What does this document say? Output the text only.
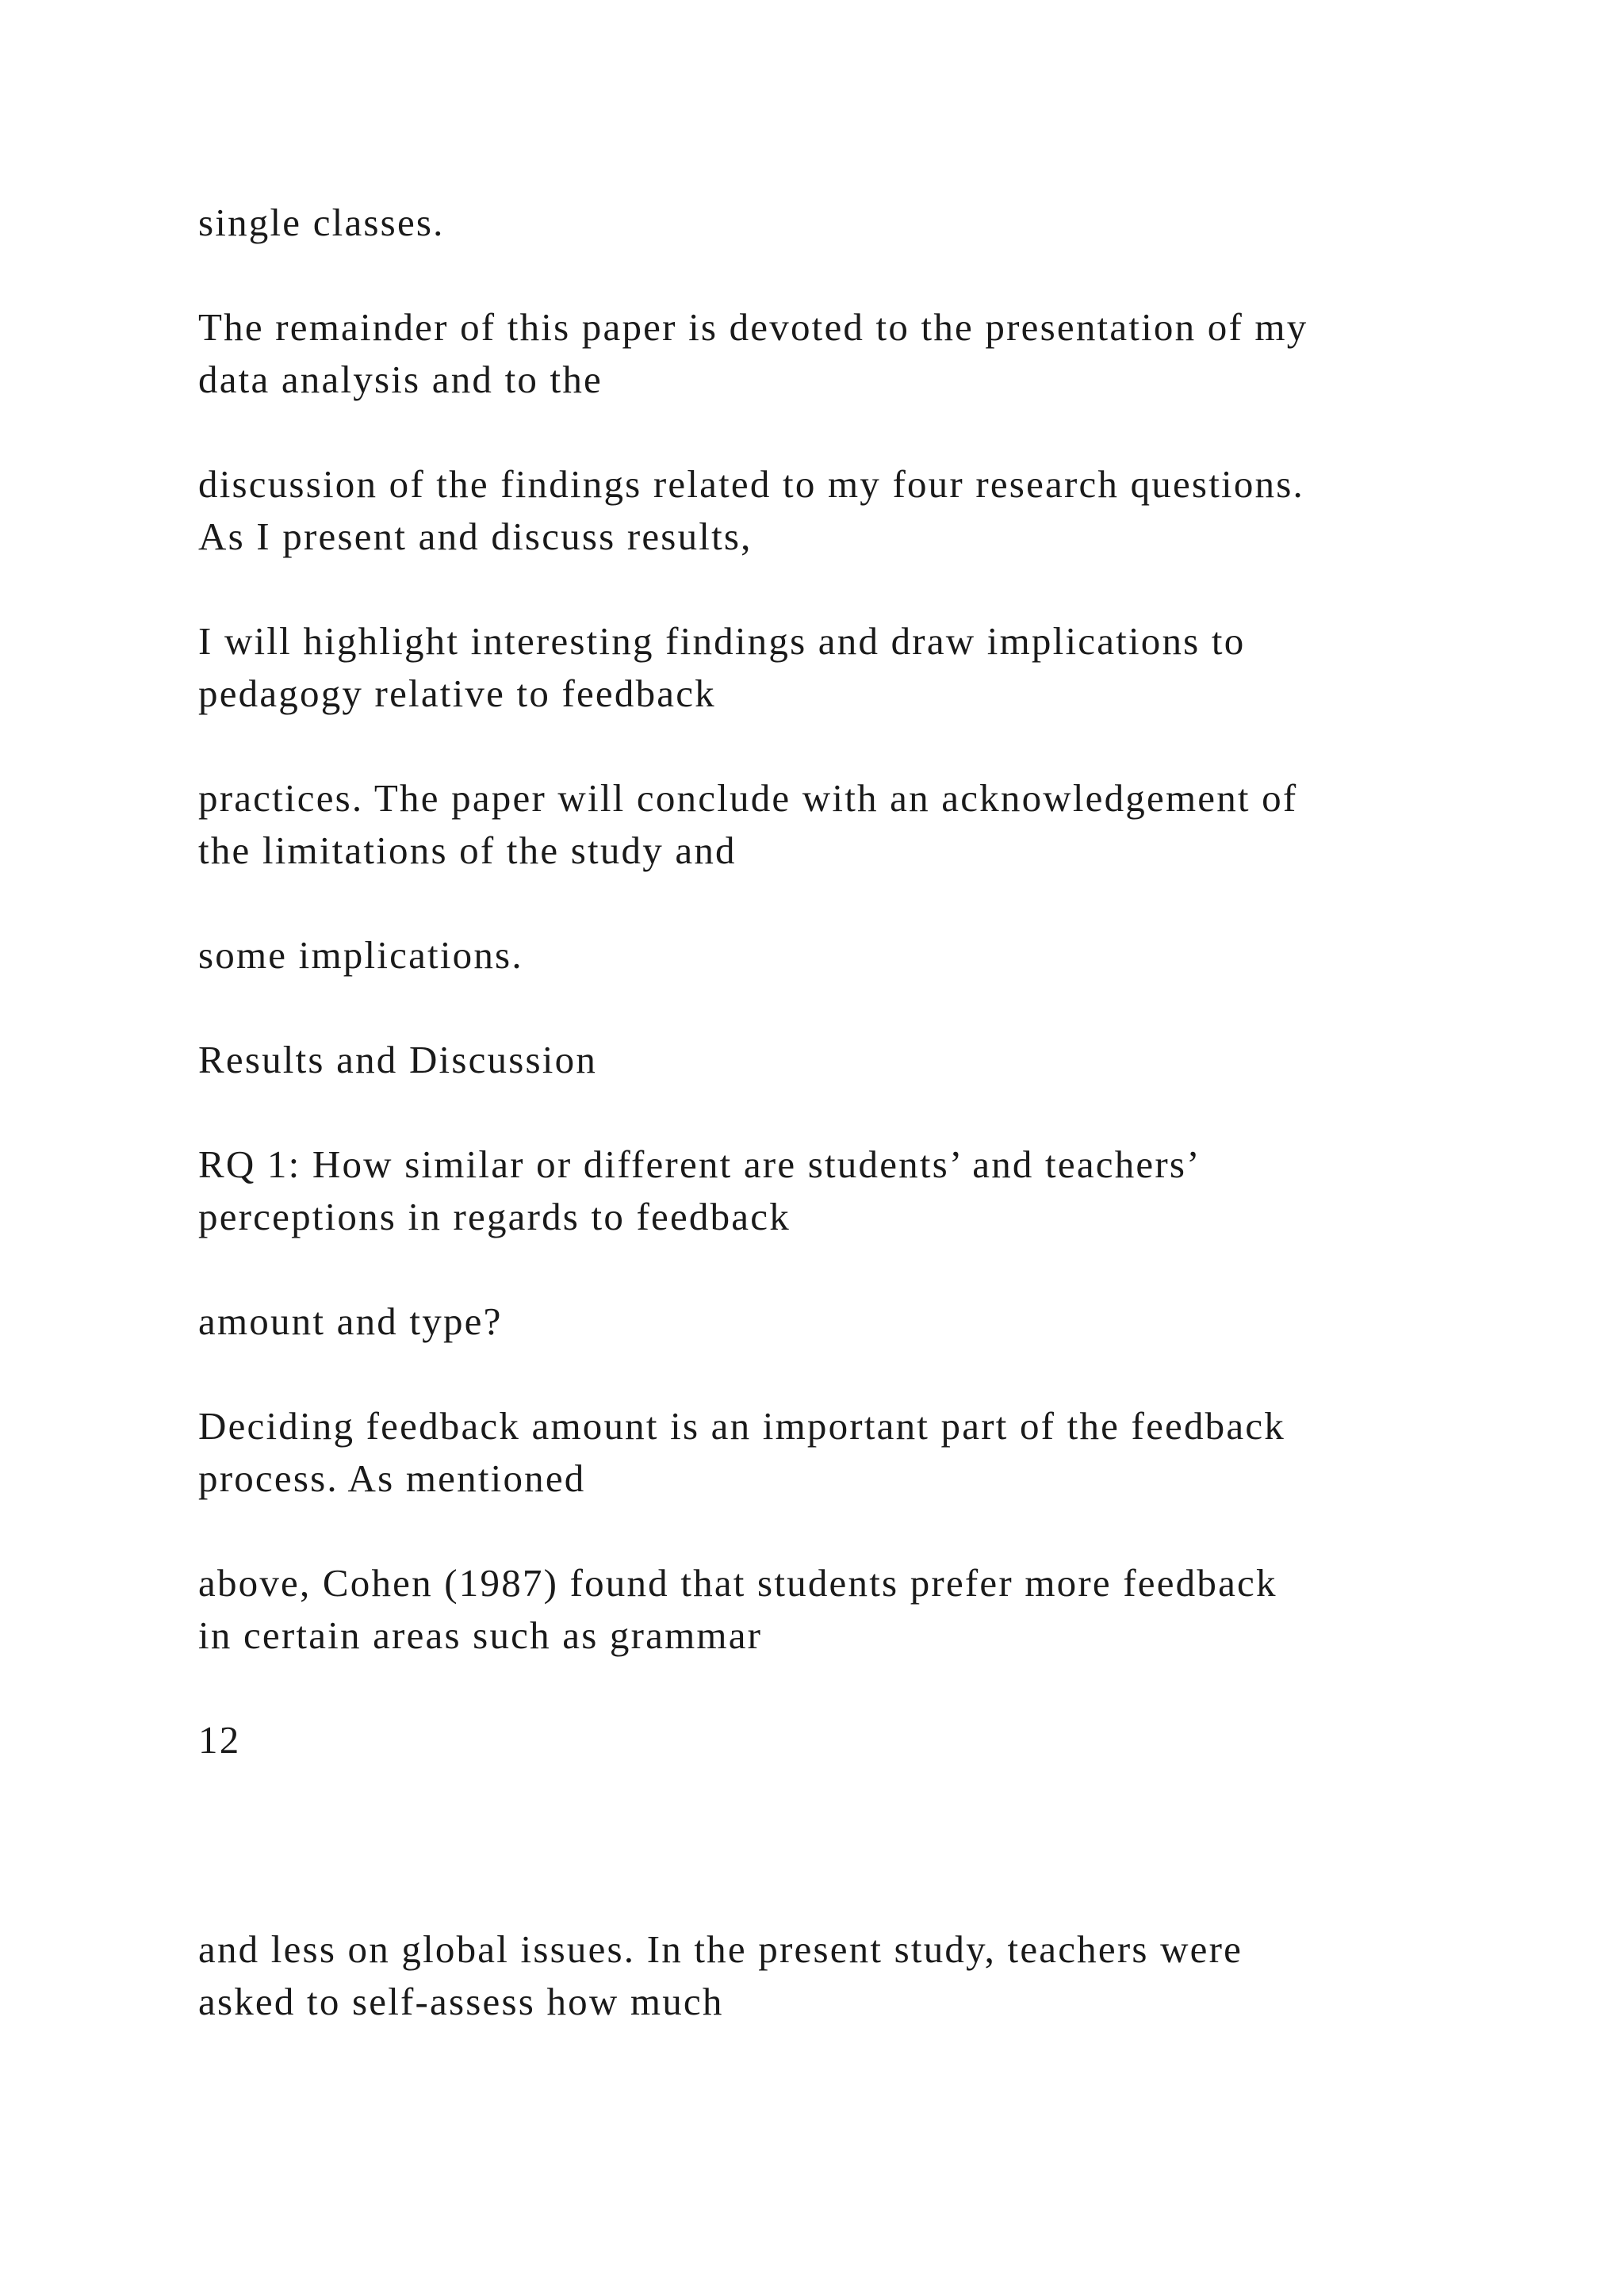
single classes.

The remainder of this paper is devoted to the presentation of my
data analysis and to the

discussion of the findings related to my four research questions.
As I present and discuss results,

I will highlight interesting findings and draw implications to
pedagogy relative to feedback

practices. The paper will conclude with an acknowledgement of
the limitations of the study and

some implications.

Results and Discussion

RQ 1: How similar or different are students’ and teachers’
perceptions in regards to feedback

amount and type?

Deciding feedback amount is an important part of the feedback
process. As mentioned

above, Cohen (1987) found that students prefer more feedback
in certain areas such as grammar

12

and less on global issues. In the present study, teachers were
asked to self-assess how much
